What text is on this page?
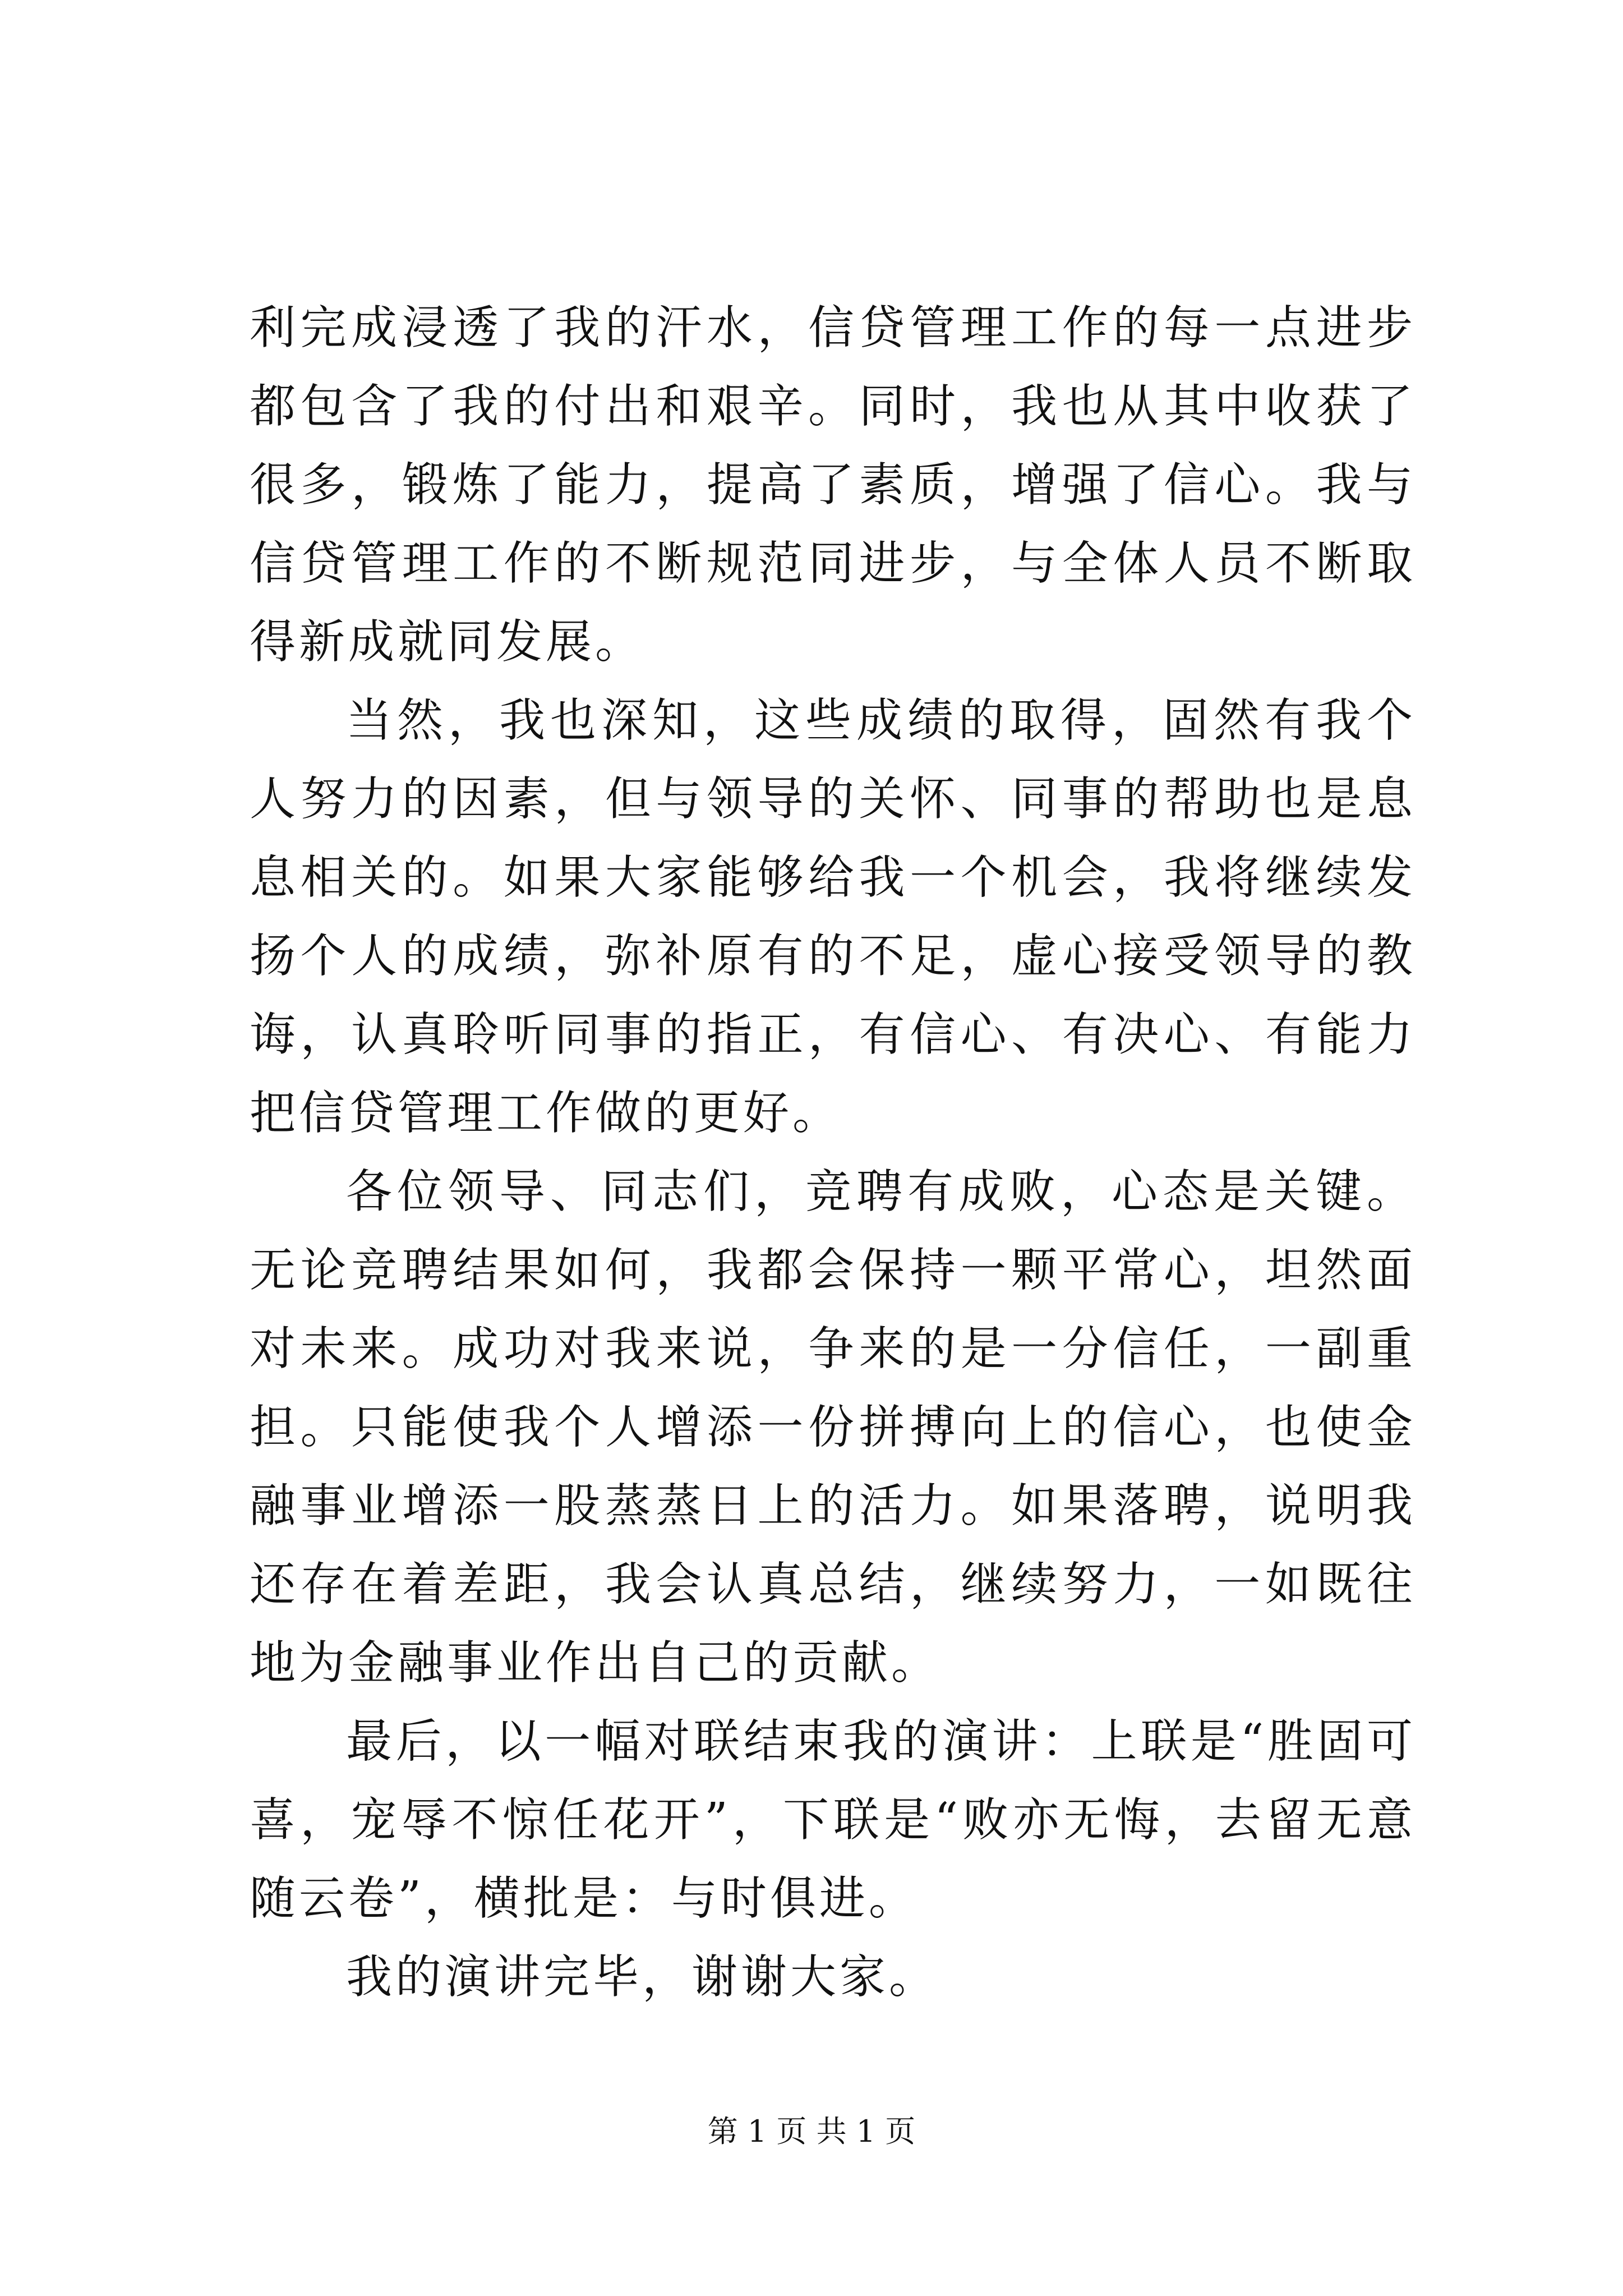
利完成浸透了我的汗水，信贷管理工作的每一点进步都包含了我的付出和艰辛。同时，我也从其中收获了很多，锻炼了能力，提高了素质，增强了信心。我与信贷管理工作的不断规范同进步，与全体人员不断取得新成就同发展。

当然，我也深知，这些成绩的取得，固然有我个人努力的因素，但与领导的关怀、同事的帮助也是息息相关的。如果大家能够给我一个机会，我将继续发扬个人的成绩，弥补原有的不足，虚心接受领导的教诲，认真聆听同事的指正，有信心、有决心、有能力把信贷管理工作做的更好。

各位领导、同志们，竞聘有成败，心态是关键。无论竞聘结果如何，我都会保持一颗平常心，坦然面对未来。成功对我来说，争来的是一分信任，一副重担。只能使我个人增添一份拼搏向上的信心，也使金融事业增添一股蒸蒸日上的活力。如果落聘，说明我还存在着差距，我会认真总结，继续努力，一如既往地为金融事业作出自己的贡献。

最后，以一幅对联结束我的演讲：上联是“胜固可喜，宠辱不惊任花开”，下联是“败亦无悔，去留无意随云卷”，横批是：与时俱进。

我的演讲完毕，谢谢大家。

第 1 页 共 1 页
